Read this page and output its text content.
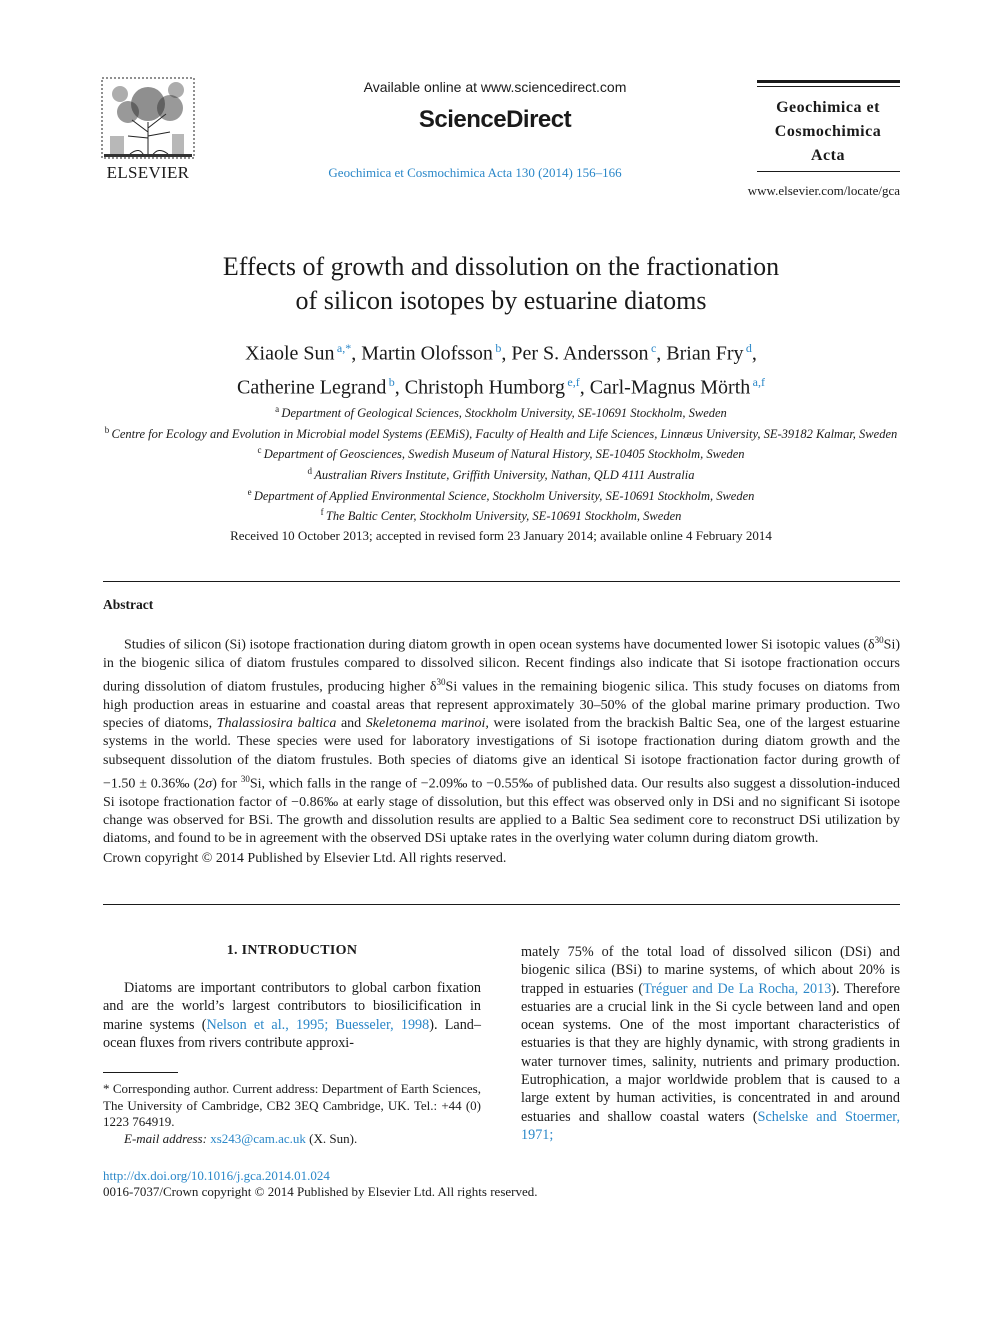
ELSEVIER
Available online at www.sciencedirect.com
ScienceDirect
Geochimica et Cosmochimica Acta 130 (2014) 156–166
Geochimica et
Cosmochimica
Acta
www.elsevier.com/locate/gca
Effects of growth and dissolution on the fractionation
of silicon isotopes by estuarine diatoms
Xiaole Sun $^{a,*}$, Martin Olofsson $^b$, Per S. Andersson $^c$, Brian Fry $^d$,
Catherine Legrand $^b$, Christoph Humborg $^{e,f}$, Carl-Magnus Mörth $^{a,f}$
$^a$ Department of Geological Sciences, Stockholm University, SE-10691 Stockholm, Sweden
$^b$ Centre for Ecology and Evolution in Microbial model Systems (EEMiS), Faculty of Health and Life Sciences, Linnæus University, SE-39182 Kalmar, Sweden
$^c$ Department of Geosciences, Swedish Museum of Natural History, SE-10405 Stockholm, Sweden
$^d$ Australian Rivers Institute, Griffith University, Nathan, QLD 4111 Australia
$^e$ Department of Applied Environmental Science, Stockholm University, SE-10691 Stockholm, Sweden
$^f$ The Baltic Center, Stockholm University, SE-10691 Stockholm, Sweden
Received 10 October 2013; accepted in revised form 23 January 2014; available online 4 February 2014
Abstract

Studies of silicon (Si) isotope fractionation during diatom growth in open ocean systems have documented lower Si isotopic values $(\delta^{30}Si)$ in the biogenic silica of diatom frustules compared to dissolved silicon. Recent findings also indicate that Si isotope fractionation occurs during dissolution of diatom frustules, producing higher $\delta^{30}Si$ values in the remaining biogenic silica. This study focuses on diatoms from high production areas in estuarine and coastal areas that represent approximately 30–50% of the global marine primary production. Two species of diatoms, Thalassiosira baltica and Skeletonema marinoi, were isolated from the brackish Baltic Sea, one of the largest estuarine systems in the world. These species were used for laboratory investigations of Si isotope fractionation during diatom growth and the subsequent dissolution of the diatom frustules. Both species of diatoms give an identical Si isotope fractionation factor during growth of −1.50 ± 0.36‰ (2σ) for $^{30}$Si, which falls in the range of −2.09‰ to −0.55‰ of published data. Our results also suggest a dissolution-induced Si isotope fractionation factor of −0.86‰ at early stage of dissolution, but this effect was observed only in DSi and no significant Si isotope change was observed for BSi. The growth and dissolution results are applied to a Baltic Sea sediment core to reconstruct DSi utilization by diatoms, and found to be in agreement with the observed DSi uptake rates in the overlying water column during diatom growth.

Crown copyright © 2014 Published by Elsevier Ltd. All rights reserved.
1. INTRODUCTION

Diatoms are important contributors to global carbon fixation and are the world’s largest contributors to biosilicification in marine systems (Nelson et al., 1995; Buesseler, 1998). Land–ocean fluxes from rivers contribute approxi-

mately 75% of the total load of dissolved silicon (DSi) and biogenic silica (BSi) to marine systems, of which about 20% is trapped in estuaries (Tréguer and De La Rocha, 2013). Therefore estuaries are a crucial link in the Si cycle between land and open ocean systems. One of the most important characteristics of estuaries is that they are highly dynamic, with strong gradients in water turnover times, salinity, nutrients and primary production. Eutrophication, a major worldwide problem that is caused to a large extent by human activities, is concentrated in and around estuaries and shallow coastal waters (Schelske and Stoermer, 1971;

* Corresponding author. Current address: Department of Earth Sciences, The University of Cambridge, CB2 3EQ Cambridge, UK. Tel.: +44 (0) 1223 764919.

E-mail address: xs243@cam.ac.uk (X. Sun).

http://dx.doi.org/10.1016/j.gca.2014.01.024
0016-7037/Crown copyright © 2014 Published by Elsevier Ltd. All rights reserved.
